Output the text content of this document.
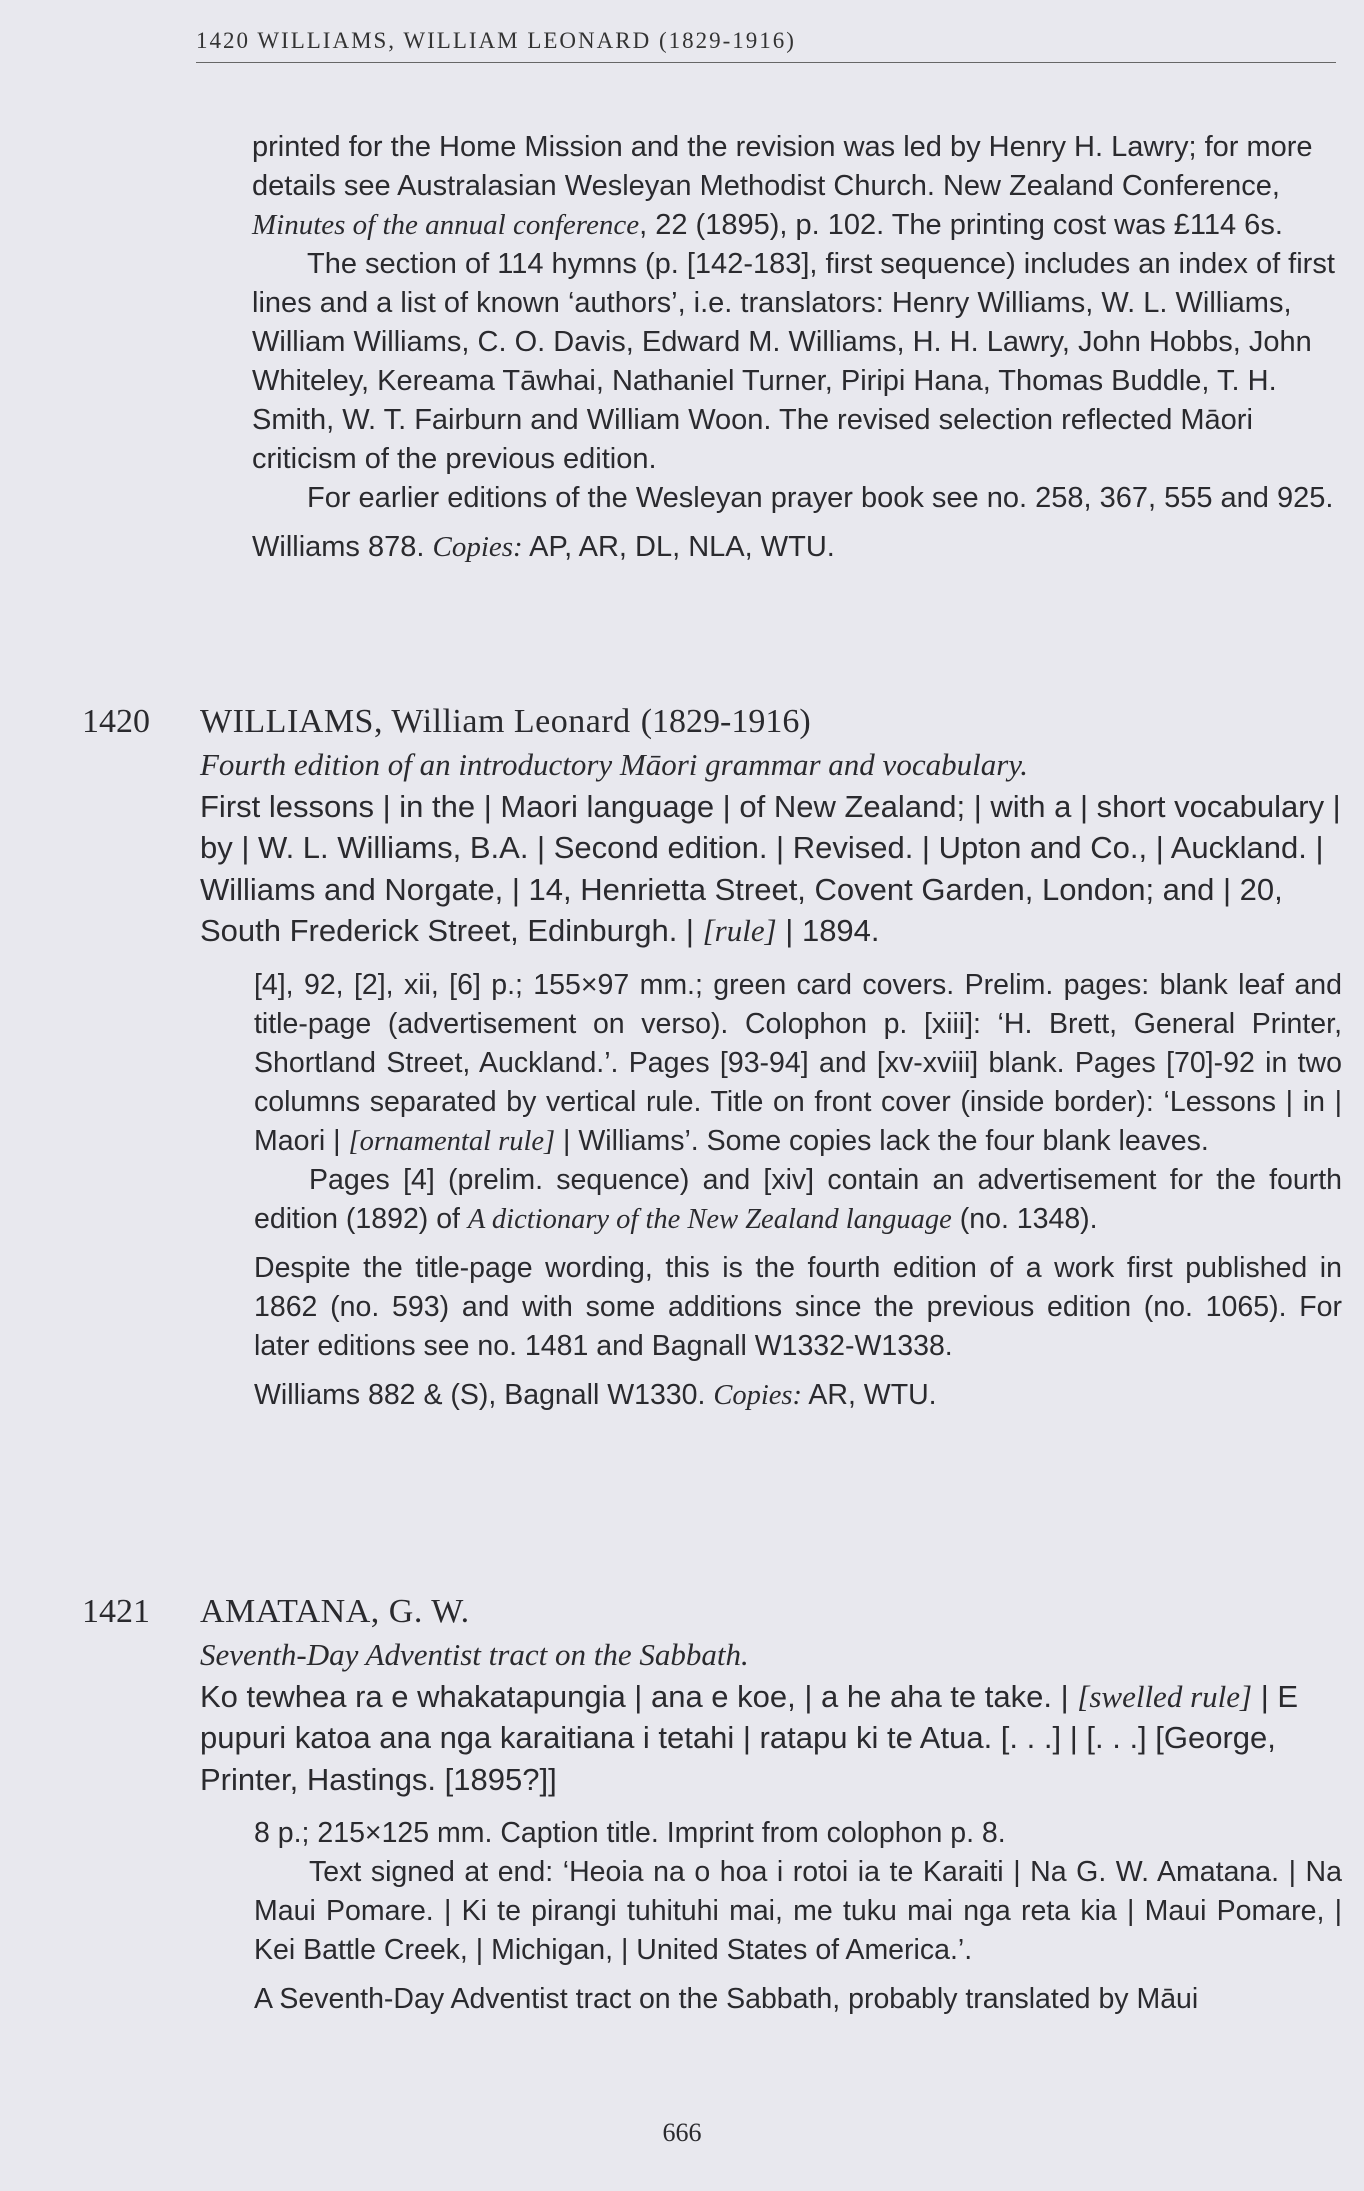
1420 WILLIAMS, WILLIAM LEONARD (1829-1916)

printed for the Home Mission and the revision was led by Henry H. Lawry; for more details see Australasian Wesleyan Methodist Church. New Zealand Conference, Minutes of the annual conference, 22 (1895), p. 102. The printing cost was £114 6s.

The section of 114 hymns (p. [142-183], first sequence) includes an index of first lines and a list of known ‘authors’, i.e. translators: Henry Williams, W. L. Williams, William Williams, C. O. Davis, Edward M. Williams, H. H. Lawry, John Hobbs, John Whiteley, Kereama Tāwhai, Nathaniel Turner, Piripi Hana, Thomas Buddle, T. H. Smith, W. T. Fairburn and William Woon. The revised selection reflected Māori criticism of the previous edition.

For earlier editions of the Wesleyan prayer book see no. 258, 367, 555 and 925.

Williams 878. Copies: AP, AR, DL, NLA, WTU.

1420 WILLIAMS, William Leonard (1829-1916)

Fourth edition of an introductory Māori grammar and vocabulary.

First lessons | in the | Maori language | of New Zealand; | with a | short vocabulary | by | W. L. Williams, B.A. | Second edition. | Revised. | Upton and Co., | Auckland. | Williams and Norgate, | 14, Henrietta Street, Covent Garden, London; and | 20, South Frederick Street, Edinburgh. | [rule] | 1894.

[4], 92, [2], xii, [6] p.; 155×97 mm.; green card covers. Prelim. pages: blank leaf and title-page (advertisement on verso). Colophon p. [xiii]: ‘H. Brett, General Printer, Shortland Street, Auckland.’. Pages [93-94] and [xv-xviii] blank. Pages [70]-92 in two columns separated by vertical rule. Title on front cover (inside border): ‘Lessons | in | Maori | [ornamental rule] | Williams’. Some copies lack the four blank leaves.

Pages [4] (prelim. sequence) and [xiv] contain an advertisement for the fourth edition (1892) of A dictionary of the New Zealand language (no. 1348).

Despite the title-page wording, this is the fourth edition of a work first published in 1862 (no. 593) and with some additions since the previous edition (no. 1065). For later editions see no. 1481 and Bagnall W1332-W1338.

Williams 882 & (S), Bagnall W1330. Copies: AR, WTU.

1421 AMATANA, G. W.

Seventh-Day Adventist tract on the Sabbath.

Ko tewhea ra e whakatapungia | ana e koe, | a he aha te take. | [swelled rule] | E pupuri katoa ana nga karaitiana i tetahi | ratapu ki te Atua. [. . .] | [. . .] [George, Printer, Hastings. [1895?]]

8 p.; 215×125 mm. Caption title. Imprint from colophon p. 8.

Text signed at end: ‘Heoia na o hoa i rotoi ia te Karaiti | Na G. W. Amatana. | Na Maui Pomare. | Ki te pirangi tuhituhi mai, me tuku mai nga reta kia | Maui Pomare, | Kei Battle Creek, | Michigan, | United States of America.’.

A Seventh-Day Adventist tract on the Sabbath, probably translated by Māui

666
